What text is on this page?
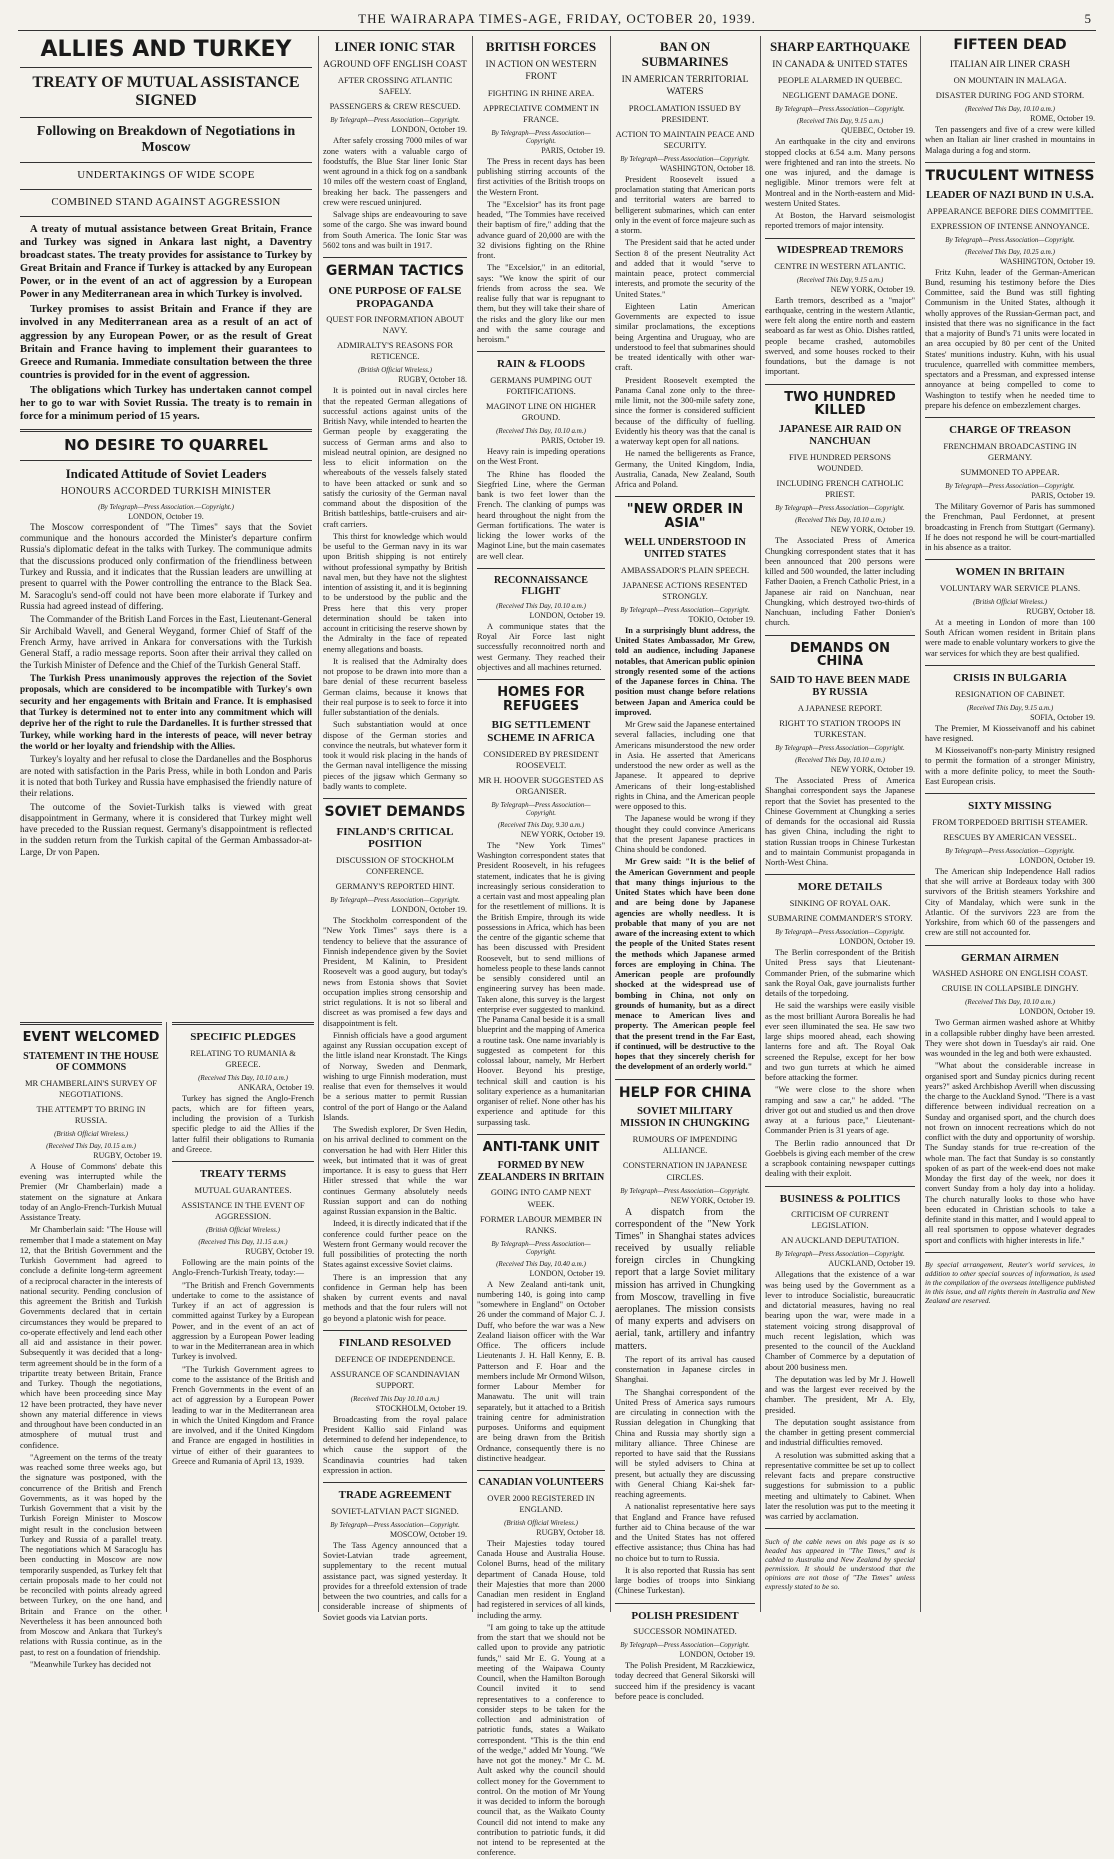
THE WAIRARAPA TIMES-AGE, FRIDAY, OCTOBER 20, 1939.	5
ALLIES AND TURKEY
TREATY OF MUTUAL ASSISTANCE SIGNED
Following on Breakdown of Negotiations in Moscow
UNDERTAKINGS OF WIDE SCOPE
COMBINED STAND AGAINST AGGRESSION

A treaty of mutual assistance between Great Britain, France and Turkey was signed in Ankara last night, a Daventry broadcast states. The treaty provides for assistance to Turkey by Great Britain and France if Turkey is attacked by any European Power, or in the event of an act of aggression by a European Power in any Mediterranean area in which Turkey is involved.

Turkey promises to assist Britain and France if they are involved in any Mediterranean area as a result of an act of aggression by any European Power, or as the result of Great Britain and France having to implement their guarantees to Greece and Rumania. Immediate consultation between the three countries is provided for in the event of aggression.

The obligations which Turkey has undertaken cannot compel her to go to war with Soviet Russia. The treaty is to remain in force for a minimum period of 15 years.

NO DESIRE TO QUARREL
Indicated Attitude of Soviet Leaders
HONOURS ACCORDED TURKISH MINISTER
(By Telegraph—Press Association.—Copyright.)
LONDON, October 19.

The Moscow correspondent of "The Times" says that the Soviet communique and the honours accorded the Minister's departure confirm Russia's diplomatic defeat in the talks with Turkey. The communique admits that the discussions produced only confirmation of the friendliness between Turkey and Russia, and it indicates that the Russian leaders are unwilling at present to quarrel with the Power controlling the entrance to the Black Sea. M. Saracoglu's send-off could not have been more elaborate if Turkey and Russia had agreed instead of differing.

The Commander of the British Land Forces in the East, Lieutenant-General Sir Archibald Wavell, and General Weygand, former Chief of Staff of the French Army, have arrived in Ankara for conversations with the Turkish General Staff, a radio message reports. Soon after their arrival they called on the Turkish Minister of Defence and the Chief of the Turkish General Staff.

The Turkish Press unanimously approves the rejection of the Soviet proposals, which are considered to be incompatible with Turkey's own security and her engagements with Britain and France. It is emphasised that Turkey is determined not to enter into any commitment which will deprive her of the right to rule the Dardanelles. It is further stressed that Turkey, while working hard in the interests of peace, will never betray the world or her loyalty and friendship with the Allies.

Turkey's loyalty and her refusal to close the Dardanelles and the Bosphorus are noted with satisfaction in the Paris Press, while in both London and Paris it is noted that both Turkey and Russia have emphasised the friendly nature of their relations.

The outcome of the Soviet-Turkish talks is viewed with great disappointment in Germany, where it is considered that Turkey might well have preceded to the Russian request. Germany's disappointment is reflected in the sudden return from the Turkish capital of the German Ambassador-at-Large, Dr von Papen.

EVENT WELCOMED
STATEMENT IN THE HOUSE OF COMMONS
MR CHAMBERLAIN'S SURVEY OF NEGOTIATIONS.
THE ATTEMPT TO BRING IN RUSSIA.
(British Official Wireless.)
(Received This Day, 10.15 a.m.)
RUGBY, October 19.

A House of Commons' debate this evening was interrupted while the Premier (Mr Chamberlain) made a statement on the signature at Ankara today of an Anglo-French-Turkish Mutual Assistance Treaty.

Mr Chamberlain said: "The House will remember that I made a statement on May 12, that the British Government and the Turkish Government had agreed to conclude a definite long-term agreement of a reciprocal character in the interests of national security. Pending conclusion of this agreement the British and Turkish Governments declared that in certain circumstances they would be prepared to co-operate effectively and lend each other all aid and assistance in their power. Subsequently it was decided that a long-term agreement should be in the form of a tripartite treaty between Britain, France and Turkey. Though the negotiations, which have been proceeding since May 12 have been protracted, they have never shown any material difference in views and throughout have been conducted in an atmosphere of mutual trust and confidence.

"Agreement on the terms of the treaty was reached some three weeks ago, but the signature was postponed, with the concurrence of the British and French Governments, as it was hoped by the Turkish Government that a visit by the Turkish Foreign Minister to Moscow might result in the conclusion between Turkey and Russia of a parallel treaty. The negotiations which M Saracoglu has been conducting in Moscow are now temporarily suspended, as Turkey felt that certain proposals made to her could not be reconciled with points already agreed between Turkey, on the one hand, and Britain and France on the other. Nevertheless it has been announced both from Moscow and Ankara that Turkey's relations with Russia continue, as in the past, to rest on a foundation of friendship.

"Meanwhile Turkey has decided not

SPECIFIC PLEDGES
RELATING TO RUMANIA & GREECE.
(Received This Day, 10.10 a.m.)
ANKARA, October 19.

Turkey has signed the Anglo-French pacts, which are for fifteen years, including the provision of a Turkish specific pledge to aid the Allies if the latter fulfil their obligations to Rumania and Greece.

TREATY TERMS
MUTUAL GUARANTEES.
ASSISTANCE IN THE EVENT OF AGGRESSION.
(British Official Wireless.)
(Received This Day, 11.15 a.m.)
RUGBY, October 19.

Following are the main points of the Anglo-French-Turkish Treaty, today:—

"The British and French Governments undertake to come to the assistance of Turkey if an act of aggression is committed against Turkey by a European Power, and in the event of an act of aggression by a European Power leading to war in the Mediterranean area in which Turkey is involved.

"The Turkish Government agrees to come to the assistance of the British and French Governments in the event of an act of aggression by a European Power leading to war in the Mediterranean area in which the United Kingdom and France are involved, and if the United Kingdom and France are engaged in hostilities in virtue of either of their guarantees to Greece and Rumania of April 13, 1939.

LINER IONIC STAR
AGROUND OFF ENGLISH COAST
AFTER CROSSING ATLANTIC SAFELY.
PASSENGERS & CREW RESCUED.
By Telegraph—Press Association—Copyright.
LONDON, October 19.

After safely crossing 7000 miles of war zone waters with a valuable cargo of foodstuffs, the Blue Star liner Ionic Star went aground in a thick fog on a sandbank 10 miles off the western coast of England, breaking her back. The passengers and crew were rescued uninjured.

Salvage ships are endeavouring to save some of the cargo. She was inward bound from South America. The Ionic Star was 5602 tons and was built in 1917.

GERMAN TACTICS
ONE PURPOSE OF FALSE PROPAGANDA
QUEST FOR INFORMATION ABOUT NAVY.
ADMIRALTY'S REASONS FOR RETICENCE.
(British Official Wireless.)
RUGBY, October 18.

It is pointed out in naval circles here that the repeated German allegations of successful actions against units of the British Navy, while intended to hearten the German people by exaggerating the success of German arms and also to mislead neutral opinion, are designed no less to elicit information on the whereabouts of the vessels falsely stated to have been attacked or sunk and so satisfy the curiosity of the German naval command about the disposition of the British battleships, battle-cruisers and air-craft carriers.

This thirst for knowledge which would be useful to the German navy in its war upon British shipping is not entirely without professional sympathy by British naval men, but they have not the slightest intention of assisting it, and it is beginning to be understood by the public and the Press here that this very proper determination should be taken into account in criticising the reserve shown by the Admiralty in the face of repeated enemy allegations and boasts.

It is realised that the Admiralty does not propose to be drawn into more than a bare denial of these recurrent baseless German claims, because it knows that their real purpose is to seek to force it into fuller substantiation of the denials.

Such substantiation would at once dispose of the German stories and convince the neutrals, but whatever form it took it would risk placing in the hands of the German naval intelligence the missing pieces of the jigsaw which Germany so badly wants to complete.

SOVIET DEMANDS
FINLAND'S CRITICAL POSITION
DISCUSSION OF STOCKHOLM CONFERENCE.
GERMANY'S REPORTED HINT.
By Telegraph—Press Association—Copyright.
LONDON, October 19.

The Stockholm correspondent of the "New York Times" says there is a tendency to believe that the assurance of Finnish independence given by the Soviet President, M Kalinin, to President Roosevelt was a good augury, but today's news from Estonia shows that Soviet occupation implies strong censorship and strict regulations. It is not so liberal and discreet as was promised a few days and disappointment is felt.

Finnish officials have a good argument against any Russian occupation except of the little island near Kronstadt. The Kings of Norway, Sweden and Denmark, wishing to urge Finnish moderation, must realise that even for themselves it would be a serious matter to permit Russian control of the port of Hango or the Aaland Islands.

The Swedish explorer, Dr Sven Hedin, on his arrival declined to comment on the conversation he had with Herr Hitler this week, but intimated that it was of great importance. It is easy to guess that Herr Hitler stressed that while the war continues Germany absolutely needs Russian support and can do nothing against Russian expansion in the Baltic.

Indeed, it is directly indicated that if the conference could further peace on the Western front Germany would recover the full possibilities of protecting the north States against excessive Soviet claims.

There is an impression that any confidence in German help has been shaken by current events and naval methods and that the four rulers will not go beyond a platonic wish for peace.

FINLAND RESOLVED
DEFENCE OF INDEPENDENCE.
ASSURANCE OF SCANDINAVIAN SUPPORT.
(Received This Day 10.10 a.m.)
STOCKHOLM, October 19.

Broadcasting from the royal palace President Kallio said Finland was determined to defend her independence, to which cause the support of the Scandinavia countries had taken expression in action.

TRADE AGREEMENT
SOVIET-LATVIAN PACT SIGNED.
By Telegraph—Press Association—Copyright.
MOSCOW, October 19.

The Tass Agency announced that a Soviet-Latvian trade agreement, supplementary to the recent mutual assistance pact, was signed yesterday. It provides for a threefold extension of trade between the two countries, and calls for a considerable increase of shipments of Soviet goods via Latvian ports.

BRITISH FORCES
IN ACTION ON WESTERN FRONT
FIGHTING IN RHINE AREA.
APPRECIATIVE COMMENT IN FRANCE.
By Telegraph—Press Association—Copyright.
PARIS, October 19.

The Press in recent days has been publishing stirring accounts of the first activities of the British troops on the Western Front.

The "Excelsior" has its front page headed, "The Tommies have received their baptism of fire," adding that the advance guard of 20,000 are with the 32 divisions fighting on the Rhine front.

The "Excelsior," in an editorial, says: "We know the spirit of our friends from across the sea. We realise fully that war is repugnant to them, but they will take their share of the risks and the glory like our men and with the same courage and heroism."

RAIN & FLOODS
GERMANS PUMPING OUT FORTIFICATIONS.
MAGINOT LINE ON HIGHER GROUND.
(Received This Day, 10.10 a.m.)
PARIS, October 19.

Heavy rain is impeding operations on the West Front.

The Rhine has flooded the Siegfried Line, where the German bank is two feet lower than the French. The clanking of pumps was heard throughout the night from the German fortifications. The water is licking the lower works of the Maginot Line, but the main casemates are well clear.

RECONNAISSANCE FLIGHT
(Received This Day, 10.10 a.m.)
LONDON, October 19.

A communique states that the Royal Air Force last night successfully reconnoitred north and west Germany. They reached their objectives and all machines returned.

HOMES FOR REFUGEES
BIG SETTLEMENT SCHEME IN AFRICA
CONSIDERED BY PRESIDENT ROOSEVELT.
MR H. HOOVER SUGGESTED AS ORGANISER.
By Telegraph—Press Association—Copyright.
(Received This Day, 9.30 a.m.)
NEW YORK, October 19.

The "New York Times" Washington correspondent states that President Roosevelt, in his refugees statement, indicates that he is giving increasingly serious consideration to a certain vast and most appealing plan for the resettlement of millions. It is the British Empire, through its wide possessions in Africa, which has been the centre of the gigantic scheme that has been discussed with President Roosevelt, but to send millions of homeless people to these lands cannot be sensibly considered until an engineering survey has been made. Taken alone, this survey is the largest enterprise ever suggested to mankind. The Panama Canal beside it is a small blueprint and the mapping of America a routine task. One name invariably is suggested as competent for this colossal labour, namely, Mr Herbert Hoover. Beyond his prestige, technical skill and caution is his solitary experience as a humanitarian organiser of relief. None other has his experience and aptitude for this surpassing task.

ANTI-TANK UNIT
FORMED BY NEW ZEALANDERS IN BRITAIN
GOING INTO CAMP NEXT WEEK.
FORMER LABOUR MEMBER IN RANKS.
By Telegraph—Press Association—Copyright.
(Received This Day, 10.40 a.m.)
LONDON, October 19.

A New Zealand anti-tank unit, numbering 140, is going into camp "somewhere in England" on October 26 under the command of Major C. J. Duff, who before the war was a New Zealand liaison officer with the War Office. The officers include Lieutenants J. H. Hall Kenny, E. B. Patterson and F. Hoar and the members include Mr Ormond Wilson, former Labour Member for Manawatu. The unit will train separately, but it attached to a British training centre for administration purposes. Uniforms and equipment are being drawn from the British Ordnance, consequently there is no distinctive headgear.

CANADIAN VOLUNTEERS
OVER 2000 REGISTERED IN ENGLAND.
(British Official Wireless.)
RUGBY, October 18.

Their Majesties today toured Canada House and Australia House. Colonel Burns, head of the military department of Canada House, told their Majesties that more than 2000 Canadian men resident in England had registered in services of all kinds, including the army.

"I am going to take up the attitude from the start that we should not be called upon to provide any patriotic funds," said Mr E. G. Young at a meeting of the Waipawa County Council, when the Hamilton Borough Council invited it to send representatives to a conference to consider steps to be taken for the collection and administration of patriotic funds, states a Waikato correspondent. "This is the thin end of the wedge," added Mr Young. "We have not got the money." Mr C. M. Ault asked why the council should collect money for the Government to control. On the motion of Mr Young it was decided to inform the borough council that, as the Waikato County Council did not intend to make any contribution to patriotic funds, it did not intend to be represented at the conference.

BAN ON SUBMARINES
IN AMERICAN TERRITORIAL WATERS
PROCLAMATION ISSUED BY PRESIDENT.
ACTION TO MAINTAIN PEACE AND SECURITY.
By Telegraph—Press Association—Copyright.
WASHINGTON, October 18.

President Roosevelt issued a proclamation stating that American ports and territorial waters are barred to belligerent submarines, which can enter only in the event of force majeure such as a storm.

The President said that he acted under Section 8 of the present Neutrality Act and added that it would "serve to maintain peace, protect commercial interests, and promote the security of the United States."

Eighteen Latin American Governments are expected to issue similar proclamations, the exceptions being Argentina and Uruguay, who are understood to feel that submarines should be treated identically with other war-craft.

President Roosevelt exempted the Panama Canal zone only to the three-mile limit, not the 300-mile safety zone, since the former is considered sufficient because of the difficulty of fuelling. Evidently his theory was that the canal is a waterway kept open for all nations.

He named the belligerents as France, Germany, the United Kingdom, India, Australia, Canada, New Zealand, South Africa and Poland.

"NEW ORDER IN ASIA"
WELL UNDERSTOOD IN UNITED STATES
AMBASSADOR'S PLAIN SPEECH.
JAPANESE ACTIONS RESENTED STRONGLY.
By Telegraph—Press Association—Copyright.
TOKIO, October 19.

In a surprisingly blunt address, the United States Ambassador, Mr Grew, told an audience, including Japanese notables, that American public opinion strongly resented some of the actions of the Japanese forces in China. The position must change before relations between Japan and America could be improved.

Mr Grew said the Japanese entertained several fallacies, including one that Americans misunderstood the new order in Asia. He asserted that Americans understood the new order as well as the Japanese. It appeared to deprive Americans of their long-established rights in China, and the American people were opposed to this.

The Japanese would be wrong if they thought they could convince Americans that the present Japanese practices in China should be condoned.

Mr Grew said: "It is the belief of the American Government and people that many things injurious to the United States which have been done and are being done by Japanese agencies are wholly needless. It is probable that many of you are not aware of the increasing extent to which the people of the United States resent the methods which Japanese armed forces are employing in China. The American people are profoundly shocked at the widespread use of bombing in China, not only on grounds of humanity, but as a direct menace to American lives and property. The American people feel that the present trend in the Far East, if continued, will be destructive to the hopes that they sincerely cherish for the development of an orderly world."

HELP FOR CHINA
SOVIET MILITARY MISSION IN CHUNGKING
RUMOURS OF IMPENDING ALLIANCE.
CONSTERNATION IN JAPANESE CIRCLES.
By Telegraph—Press Association—Copyright.
NEW YORK, October 19.

A dispatch from the correspondent of the "New York Times" in Shanghai states advices received by usually reliable foreign circles in Chungking report that a large Soviet military mission has arrived in Chungking from Moscow, travelling in five aeroplanes. The mission consists of many experts and advisers on aerial, tank, artillery and infantry matters.

The report of its arrival has caused consternation in Japanese circles in Shanghai.

The Shanghai correspondent of the United Press of America says rumours are circulating in connection with the Russian delegation in Chungking that China and Russia may shortly sign a military alliance. Three Chinese are reported to have said that the Russians will be styled advisers to China at present, but actually they are discussing with General Chiang Kai-shek far-reaching agreements.

A nationalist representative here says that England and France have refused further aid to China because of the war and the United States has not offered effective assistance; thus China has had no choice but to turn to Russia.

It is also reported that Russia has sent large bodies of troops into Sinkiang (Chinese Turkestan).

POLISH PRESIDENT
SUCCESSOR NOMINATED.
By Telegraph—Press Association—Copyright.
LONDON, October 19.

The Polish President, M Raczkiewicz, today decreed that General Sikorski will succeed him if the presidency is vacant before peace is concluded.

SHARP EARTHQUAKE
IN CANADA & UNITED STATES
PEOPLE ALARMED IN QUEBEC.
NEGLIGENT DAMAGE DONE.
By Telegraph—Press Association—Copyright.
(Received This Day, 9.15 a.m.)
QUEBEC, October 19.

An earthquake in the city and environs stopped clocks at 6.54 a.m. Many persons were frightened and ran into the streets. No one was injured, and the damage is negligible. Minor tremors were felt at Montreal and in the North-eastern and Mid-western United States.

At Boston, the Harvard seismologist reported tremors of major intensity.

WIDESPREAD TREMORS
CENTRE IN WESTERN ATLANTIC.
(Received This Day, 9.15 a.m.)
NEW YORK, October 19.

Earth tremors, described as a "major" earthquake, centring in the western Atlantic, were felt along the entire north and eastern seaboard as far west as Ohio. Dishes rattled, people became crashed, automobiles swerved, and some houses rocked to their foundations, but the damage is not important.

TWO HUNDRED KILLED
JAPANESE AIR RAID ON NANCHUAN
FIVE HUNDRED PERSONS WOUNDED.
INCLUDING FRENCH CATHOLIC PRIEST.
By Telegraph—Press Association—Copyright.
(Received This Day, 10.10 a.m.)
NEW YORK, October 19.

The Associated Press of America Chungking correspondent states that it has been announced that 200 persons were killed and 500 wounded, the latter including Father Daoien, a French Catholic Priest, in a Japanese air raid on Nanchuan, near Chungking, which destroyed two-thirds of Nanchuan, including Father Donien's church.

DEMANDS ON CHINA
SAID TO HAVE BEEN MADE BY RUSSIA
A JAPANESE REPORT.
RIGHT TO STATION TROOPS IN TURKESTAN.
By Telegraph—Press Association—Copyright.
(Received This Day, 10.10 a.m.)
NEW YORK, October 19.

The Associated Press of America Shanghai correspondent says the Japanese report that the Soviet has presented to the Chinese Government at Chungking a series of demands for the occasional aid Russia has given China, including the right to station Russian troops in Chinese Turkestan and to maintain Communist propaganda in North-West China.

MORE DETAILS
SINKING OF ROYAL OAK.
SUBMARINE COMMANDER'S STORY.
By Telegraph—Press Association—Copyright.
LONDON, October 19.

The Berlin correspondent of the British United Press says that Lieutenant-Commander Prien, of the submarine which sank the Royal Oak, gave journalists further details of the torpedoing.

He said the warships were easily visible as the most brilliant Aurora Borealis he had ever seen illuminated the sea. He saw two large ships moored ahead, each showing lanterns fore and aft. The Royal Oak screened the Repulse, except for her bow and two gun turrets at which he aimed before attacking the former.

"We were close to the shore when ramping and saw a car," he added. "The driver got out and studied us and then drove away at a furious pace," Lieutenant-Commander Prien is 31 years of age.

The Berlin radio announced that Dr Goebbels is giving each member of the crew a scrapbook containing newspaper cuttings dealing with their exploit.

BUSINESS & POLITICS
CRITICISM OF CURRENT LEGISLATION.
AN AUCKLAND DEPUTATION.
By Telegraph—Press Association—Copyright.
AUCKLAND, October 19.

Allegations that the existence of a war was being used by the Government as a lever to introduce Socialistic, bureaucratic and dictatorial measures, having no real bearing upon the war, were made in a statement voicing strong disapproval of much recent legislation, which was presented to the council of the Auckland Chamber of Commerce by a deputation of about 200 business men.

The deputation was led by Mr J. Howell and was the largest ever received by the chamber. The president, Mr A. Ely, presided.

The deputation sought assistance from the chamber in getting present commercial and industrial difficulties removed.

A resolution was submitted asking that a representative committee be set up to collect relevant facts and prepare constructive suggestions for submission to a public meeting and ultimately to Cabinet. When later the resolution was put to the meeting it was carried by acclamation.

Such of the cable news on this page as is so headed has appeared in "The Times," and is cabled to Australia and New Zealand by special permission. It should be understood that the opinions are not those of "The Times" unless expressly stated to be so.

FIFTEEN DEAD
ITALIAN AIR LINER CRASH
ON MOUNTAIN IN MALAGA.
DISASTER DURING FOG AND STORM.
(Received This Day, 10.10 a.m.)
ROME, October 19.

Ten passengers and five of a crew were killed when an Italian air liner crashed in mountains in Malaga during a fog and storm.

TRUCULENT WITNESS
LEADER OF NAZI BUND IN U.S.A.
APPEARANCE BEFORE DIES COMMITTEE.
EXPRESSION OF INTENSE ANNOYANCE.
By Telegraph—Press Association—Copyright.
(Received This Day, 10.25 a.m.)
WASHINGTON, October 19.

Fritz Kuhn, leader of the German-American Bund, resuming his testimony before the Dies Committee, said the Bund was still fighting Communism in the United States, although it wholly approves of the Russian-German pact, and insisted that there was no significance in the fact that a majority of Bund's 71 units were located in an area occupied by 80 per cent of the United States' munitions industry. Kuhn, with his usual truculence, quarrelled with committee members, spectators and a Pressman, and expressed intense annoyance at being compelled to come to Washington to testify when he needed time to prepare his defence on embezzlement charges.

CHARGE OF TREASON
FRENCHMAN BROADCASTING IN GERMANY.
SUMMONED TO APPEAR.
By Telegraph—Press Association—Copyright.
PARIS, October 19.

The Military Governor of Paris has summoned the Frenchman, Paul Ferdonnet, at present broadcasting in French from Stuttgart (Germany). If he does not respond he will be court-martialled in his absence as a traitor.

WOMEN IN BRITAIN
VOLUNTARY WAR SERVICE PLANS.
(British Official Wireless.)
RUGBY, October 18.

At a meeting in London of more than 100 South African women resident in Britain plans were made to enable voluntary workers to give the war services for which they are best qualified.

CRISIS IN BULGARIA
RESIGNATION OF CABINET.
(Received This Day, 9.15 a.m.)
SOFIA, October 19.

The Premier, M Kiosseivanoff and his cabinet have resigned.

M Kiosseivanoff's non-party Ministry resigned to permit the formation of a stronger Ministry, with a more definite policy, to meet the South-East European crisis.

SIXTY MISSING
FROM TORPEDOED BRITISH STEAMER.
RESCUES BY AMERICAN VESSEL.
By Telegraph—Press Association—Copyright.
LONDON, October 19.

The American ship Independence Hall radios that she will arrive at Bordeaux today with 300 survivors of the British steamers Yorkshire and City of Mandalay, which were sunk in the Atlantic. Of the survivors 223 are from the Yorkshire, from which 60 of the passengers and crew are still not accounted for.

GERMAN AIRMEN
WASHED ASHORE ON ENGLISH COAST.
CRUISE IN COLLAPSIBLE DINGHY.
(Received This Day, 10.10 a.m.)
LONDON, October 19.

Two German airmen washed ashore at Whitby in a collapsible rubber dinghy have been arrested. They were shot down in Tuesday's air raid. One was wounded in the leg and both were exhausted.

"What about the considerable increase in organised sport and Sunday picnics during recent years?" asked Archbishop Averill when discussing the charge to the Auckland Synod. "There is a vast difference between individual recreation on a Sunday and organised sport, and the church does not frown on innocent recreations which do not conflict with the duty and opportunity of worship. The Sunday stands for true re-creation of the whole man. The fact that Sunday is so constantly spoken of as part of the week-end does not make Monday the first day of the week, nor does it convert Sunday from a holy day into a holiday. The church naturally looks to those who have been educated in Christian schools to take a definite stand in this matter, and I would appeal to all real sportsmen to oppose whatever degrades sport and conflicts with higher interests in life."

By special arrangement, Reuter's world services, in addition to other special sources of information, is used in the compilation of the overseas intelligence published in this issue, and all rights therein in Australia and New Zealand are reserved.
